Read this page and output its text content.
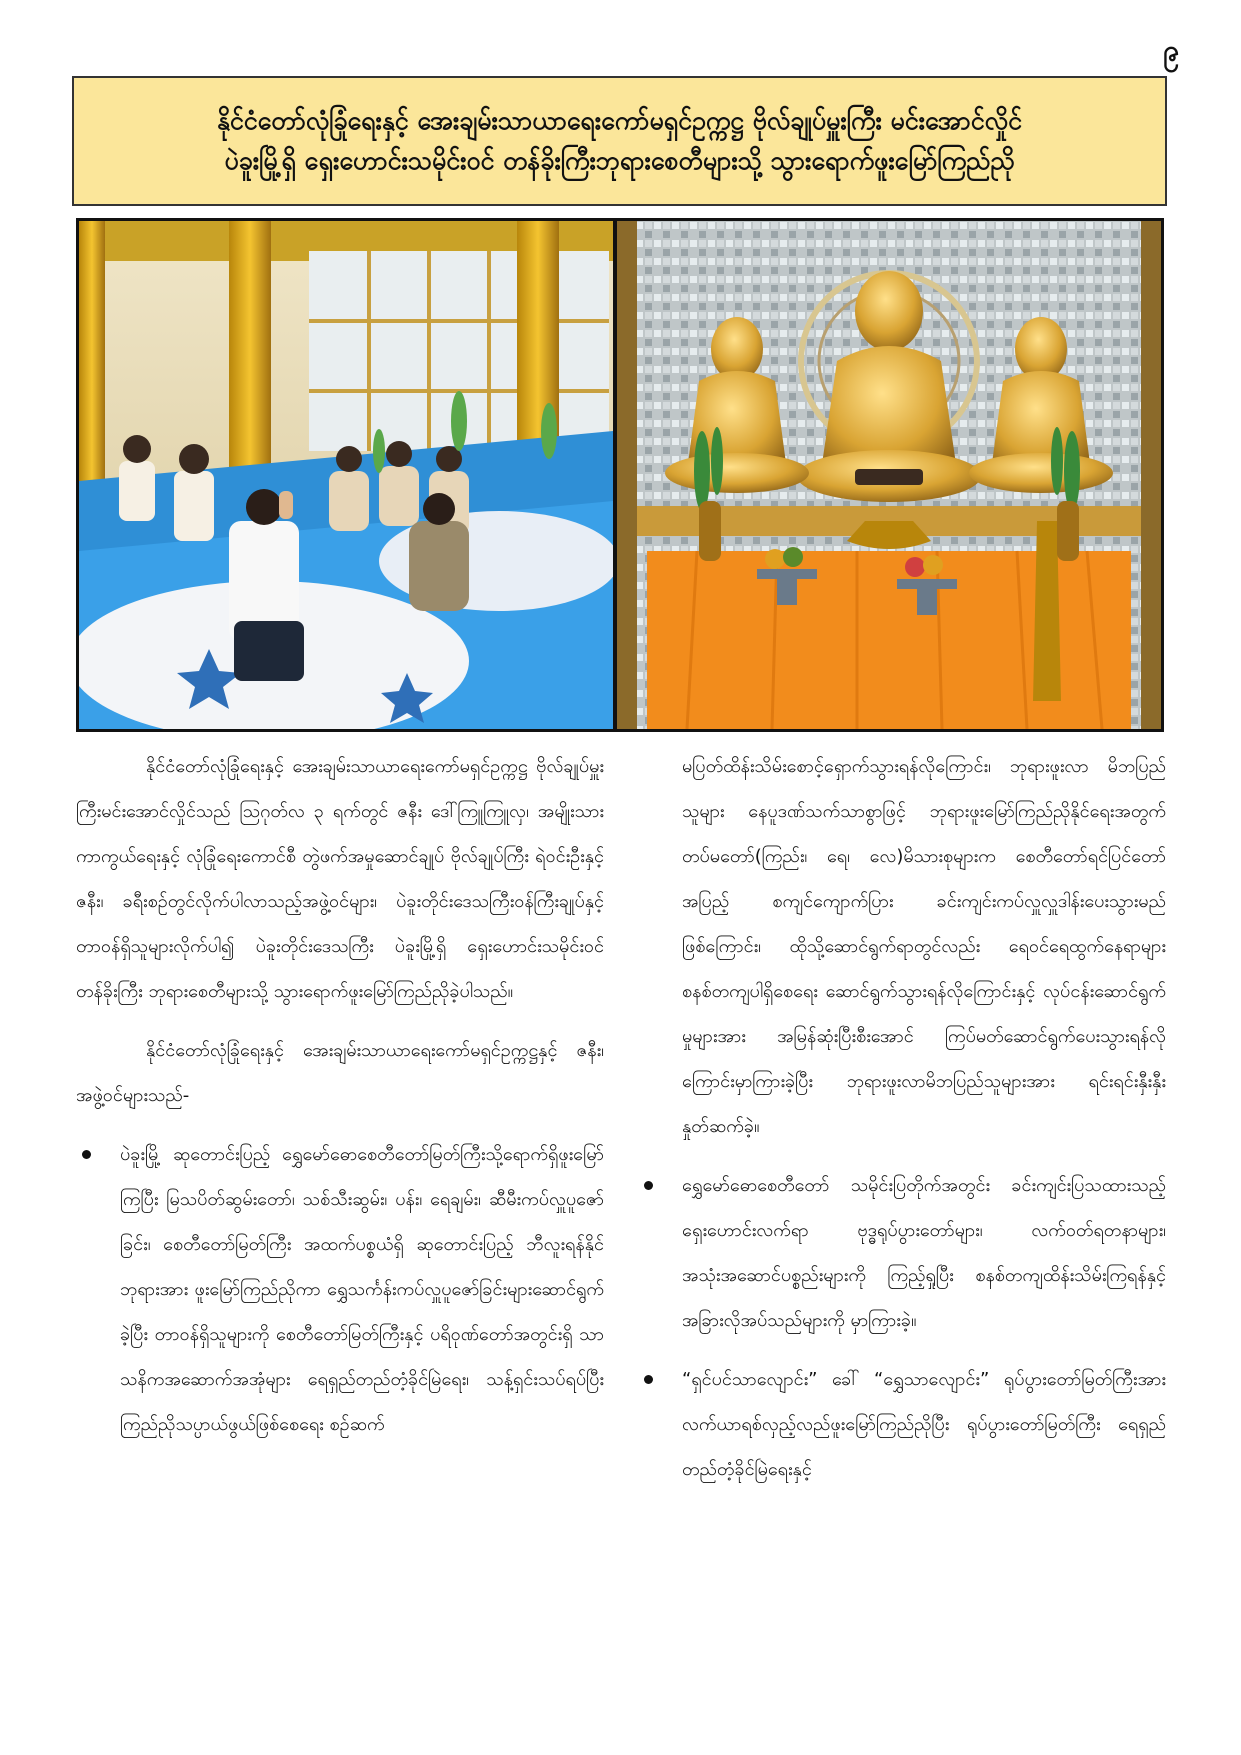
၉
နိုင်ငံတော်လုံခြုံရေးနှင့် အေးချမ်းသာယာရေးကော်မရှင်ဥက္ကဋ္ဌ ဗိုလ်ချုပ်မှူးကြီး မင်းအောင်လှိုင်
ပဲခူးမြို့ရှိ ရှေးဟောင်းသမိုင်းဝင် တန်ခိုးကြီးဘုရားစေတီများသို့ သွားရောက်ဖူးမြော်ကြည်ညို

နိုင်ငံတော်လုံခြုံရေးနှင့် အေးချမ်းသာယာရေးကော်မရှင်ဥက္ကဋ္ဌ ဗိုလ်ချုပ်မှူးကြီးမင်းအောင်လှိုင်သည် ဩဂုတ်လ ၃ ရက်တွင် ဇနီး ဒေါ်ကြူကြူလှ၊ အမျိုးသားကာကွယ်ရေးနှင့် လုံခြုံရေးကောင်စီ တွဲဖက်အမှုဆောင်ချုပ် ဗိုလ်ချုပ်ကြီး ရဲဝင်းဦးနှင့်ဇနီး၊ ခရီးစဉ်တွင်လိုက်ပါလာသည့်အဖွဲ့ဝင်များ၊ ပဲခူးတိုင်းဒေသကြီးဝန်ကြီးချုပ်နှင့် တာဝန်ရှိသူများလိုက်ပါ၍ ပဲခူးတိုင်းဒေသကြီး ပဲခူးမြို့ရှိ ရှေးဟောင်းသမိုင်းဝင် တန်ခိုးကြီး ဘုရားစေတီများသို့ သွားရောက်ဖူးမြော်ကြည်ညိုခဲ့ပါသည်။

နိုင်ငံတော်လုံခြုံရေးနှင့် အေးချမ်းသာယာရေးကော်မရှင်ဥက္ကဋ္ဌနှင့် ဇနီး၊ အဖွဲ့ဝင်များသည်-

ပဲခူးမြို့ ဆုတောင်းပြည့် ရွှေမော်ဓောစေတီတော်မြတ်ကြီးသို့ရောက်ရှိဖူးမြော်ကြပြီး မြသပိတ်ဆွမ်းတော်၊ သစ်သီးဆွမ်း၊ ပန်း၊ ရေချမ်း၊ ဆီမီးကပ်လှူပူဇော်ခြင်း၊ စေတီတော်မြတ်ကြီး အထက်ပစ္စယံရှိ ဆုတောင်းပြည့် ဘီလူးရန်နိုင်ဘုရားအား ဖူးမြော်ကြည်ညိုကာ ရွှေသင်္ကန်းကပ်လှူပူဇော်ခြင်းများဆောင်ရွက်ခဲ့ပြီး တာဝန်ရှိသူများကို စေတီတော်မြတ်ကြီးနှင့် ပရိဝုဏ်တော်အတွင်းရှိ သာသနိကအဆောက်အအုံများ ရေရှည်တည်တံ့ခိုင်မြဲရေး၊ သန့်ရှင်းသပ်ရပ်ပြီး ကြည်ညိုသပ္ပာယ်ဖွယ်ဖြစ်စေရေး စဉ်ဆက်

မပြတ်ထိန်းသိမ်းစောင့်ရှောက်သွားရန်လိုကြောင်း၊ ဘုရားဖူးလာ မိဘပြည်သူများ နေပူဒဏ်သက်သာစွာဖြင့် ဘုရားဖူးမြော်ကြည်ညိုနိုင်ရေးအတွက် တပ်မတော်(ကြည်း၊ ရေ၊ လေ)မိသားစုများက စေတီတော်ရင်ပြင်တော်အပြည့် စကျင်ကျောက်ပြား ခင်းကျင်းကပ်လှူလှူဒါန်းပေးသွားမည်ဖြစ်ကြောင်း၊ ထိုသို့ဆောင်ရွက်ရာတွင်လည်း ရေဝင်ရေထွက်နေရာများ စနစ်တကျပါရှိစေရေး ဆောင်ရွက်သွားရန်လိုကြောင်းနှင့် လုပ်ငန်းဆောင်ရွက်မှုများအား အမြန်ဆုံးပြီးစီးအောင် ကြပ်မတ်ဆောင်ရွက်ပေးသွားရန်လိုကြောင်းမှာကြားခဲ့ပြီး ဘုရားဖူးလာမိဘပြည်သူများအား ရင်းရင်းနှီးနှီးနှုတ်ဆက်ခဲ့။

ရွှေမော်ဓောစေတီတော် သမိုင်းပြတိုက်အတွင်း ခင်းကျင်းပြသထားသည့် ရှေးဟောင်းလက်ရာ ဗုဒ္ဓရုပ်ပွားတော်များ၊ လက်ဝတ်ရတနာများ၊ အသုံးအဆောင်ပစ္စည်းများကို ကြည့်ရှုပြီး စနစ်တကျထိန်းသိမ်းကြရန်နှင့် အခြားလိုအပ်သည်များကို မှာကြားခဲ့။
“ရှင်ပင်သာလျောင်း” ခေါ် “ရွှေသာလျောင်း” ရုပ်ပွားတော်မြတ်ကြီးအား လက်ယာရစ်လှည့်လည်ဖူးမြော်ကြည်ညိုပြီး ရုပ်ပွားတော်မြတ်ကြီး ရေရှည်တည်တံ့ခိုင်မြဲရေးနှင့်
